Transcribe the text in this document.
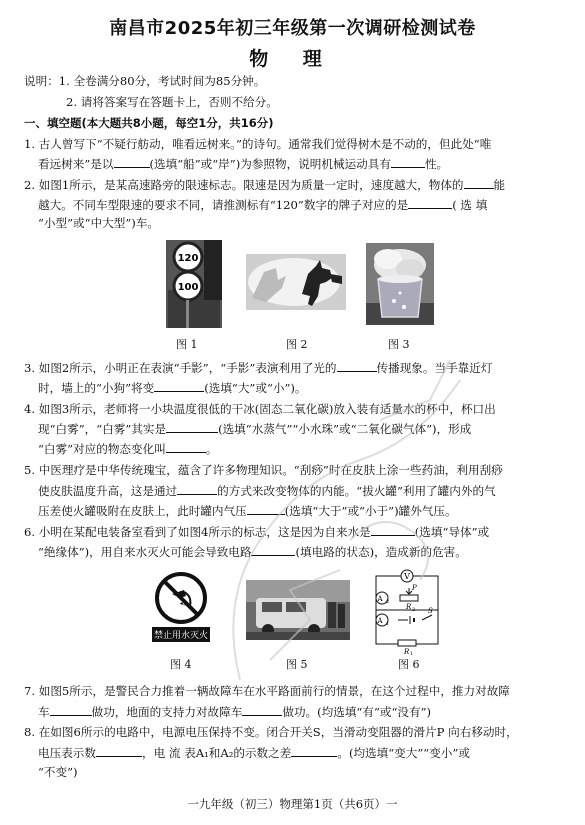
南昌市2025年初三年级第一次调研检测试卷
物 理
说明：1. 全卷满分80分，考试时间为85分钟。
2. 请将答案写在答题卡上，否则不给分。
一、填空题(本大题共8小题，每空1分，共16分)
1. 古人曾写下“不疑行舫动，唯看远树来。”的诗句。通常我们觉得树木是不动的，但此处“唯
看远树来”是以	(选填“船”或“岸”)为参照物，说明机械运动具有	性。
2. 如图1所示，是某高速路旁的限速标志。限速是因为质量一定时，速度越大，物体的	能
越大。不同车型限速的要求不同，请推测标有“120”数字的牌子对应的是	( 选 填
“小型”或“中大型”)车。
120
100
图 1	图 2	图 3
3. 如图2所示，小明正在表演“手影”，“手影”表演利用了光的	传播现象。当手靠近灯
时，墙上的“小狗”将变	(选填“大”或“小”)。
4. 如图3所示，老师将一小块温度很低的干冰(固态二氧化碳)放入装有适量水的杯中，杯口出
现“白雾”，“白雾”其实是	(选填“水蒸气”“小水珠”或“二氧化碳气体”)，形成
“白雾”对应的物态变化叫	。
5. 中医理疗是中华传统瑰宝，蕴含了许多物理知识。“刮痧”时在皮肤上涂一些药油，利用刮痧
使皮肤温度升高，这是通过	的方式来改变物体的内能。“拔火罐”利用了罐内外的气
压差使火罐吸附在皮肤上，此时罐内气压	(选填“大于”或“小于”)罐外气压。
6. 小明在某配电装备室看到了如图4所示的标志，这是因为自来水是	(选填“导体”或
“绝缘体”)，用自来水灭火可能会导致电路	(填电路的状态)，造成新的危害。
禁止用水灭火
图 4	图 5
V
A 2
R 2
P
A 1
S
R 1
图 6
7. 如图5所示，是警民合力推着一辆故障车在水平路面前行的情景，在这个过程中，推力对故障
车	做功，地面的支持力对故障车	做功。(均选填“有”或“没有”)
8. 在如图6所示的电路中，电源电压保持不变。闭合开关S，当滑动变阻器的滑片P 向右移动时，
电压表示数	，电 流 表A₁和A₂的示数之差	。(均选填“变大”“变小”或
“不变”)
一九年级（初三）物理第1页（共6页）一
